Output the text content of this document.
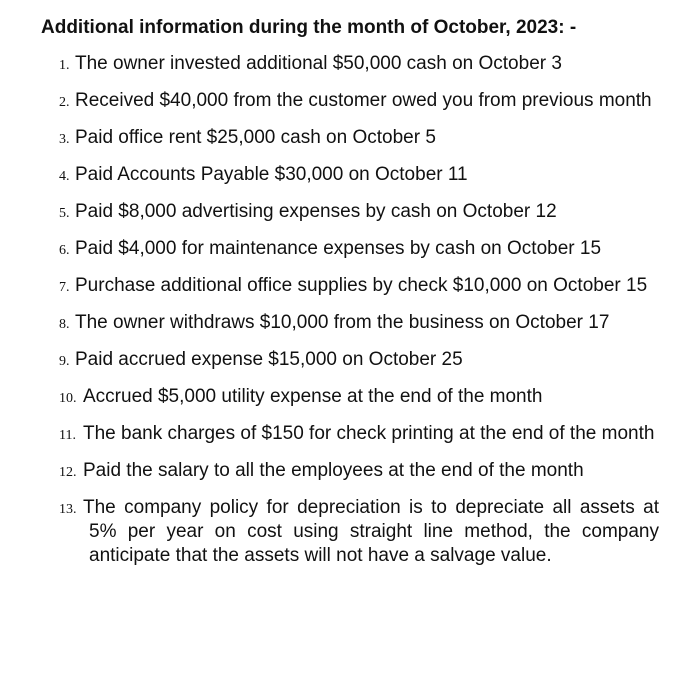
Additional information during the month of October, 2023: -
1. The owner invested additional $50,000 cash on October 3
2. Received $40,000 from the customer owed you from previous month
3. Paid office rent $25,000 cash on October 5
4. Paid Accounts Payable $30,000 on October 11
5. Paid $8,000 advertising expenses by cash on October 12
6. Paid $4,000 for maintenance expenses by cash on October 15
7. Purchase additional office supplies by check $10,000 on October 15
8. The owner withdraws $10,000 from the business on October 17
9. Paid accrued expense $15,000 on October 25
10. Accrued $5,000 utility expense at the end of the month
11. The bank charges of $150 for check printing at the end of the month
12. Paid the salary to all the employees at the end of the month
13. The company policy for depreciation is to depreciate all assets at 5% per year on cost using straight line method, the company anticipate that the assets will not have a salvage value.
